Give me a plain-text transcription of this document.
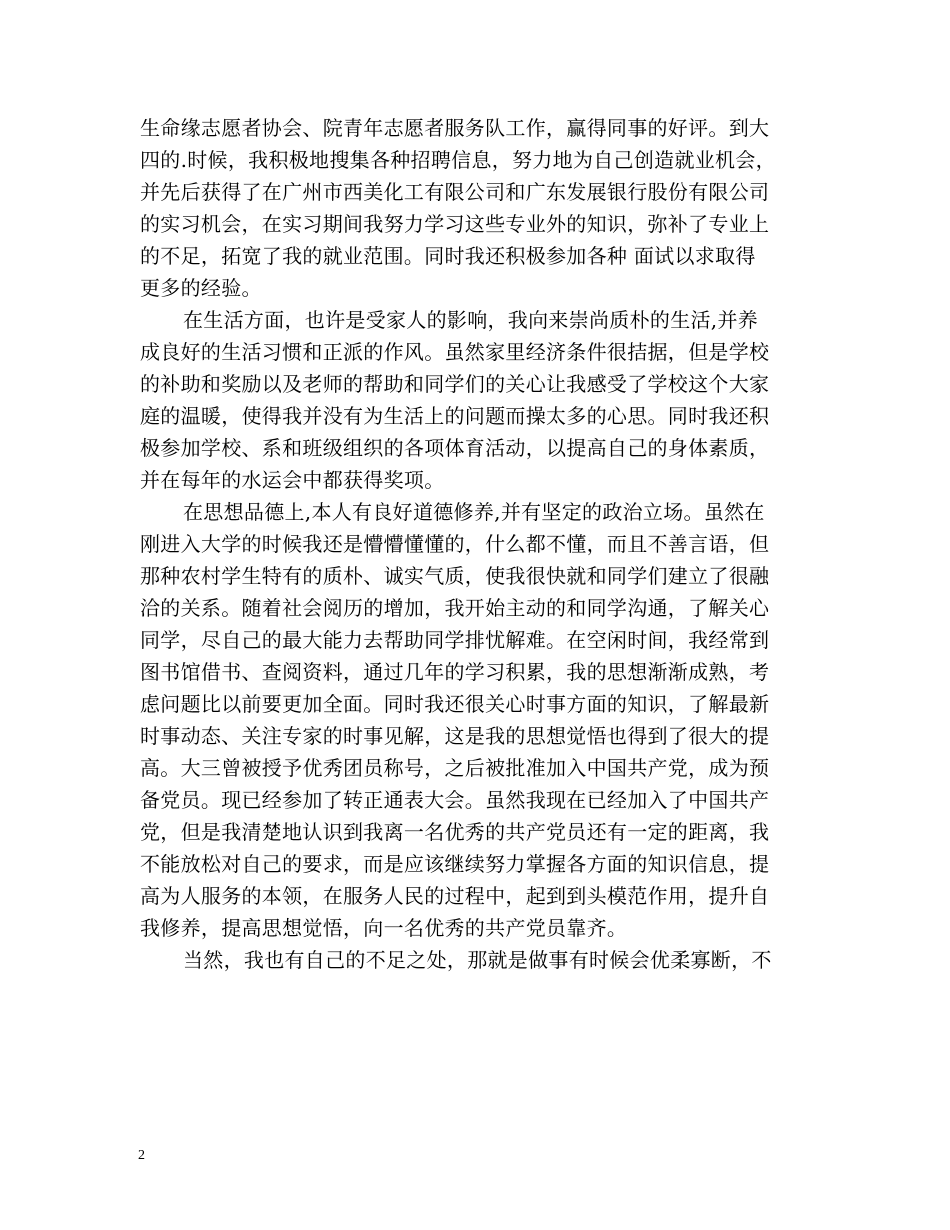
生命缘志愿者协会、院青年志愿者服务队工作，赢得同事的好评。到大
四的.时候，我积极地搜集各种招聘信息，努力地为自己创造就业机会，
并先后获得了在广州市西美化工有限公司和广东发展银行股份有限公司
的实习机会，在实习期间我努力学习这些专业外的知识，弥补了专业上
的不足，拓宽了我的就业范围。同时我还积极参加各种 面试以求取得
更多的经验。
在生活方面，也许是受家人的影响，我向来崇尚质朴的生活,并养
成良好的生活习惯和正派的作风。虽然家里经济条件很拮据，但是学校
的补助和奖励以及老师的帮助和同学们的关心让我感受了学校这个大家
庭的温暖，使得我并没有为生活上的问题而操太多的心思。同时我还积
极参加学校、系和班级组织的各项体育活动，以提高自己的身体素质，
并在每年的水运会中都获得奖项。
在思想品德上,本人有良好道德修养,并有坚定的政治立场。虽然在
刚进入大学的时候我还是懵懵懂懂的，什么都不懂，而且不善言语，但
那种农村学生特有的质朴、诚实气质，使我很快就和同学们建立了很融
洽的关系。随着社会阅历的增加，我开始主动的和同学沟通，了解关心
同学，尽自己的最大能力去帮助同学排忧解难。在空闲时间，我经常到
图书馆借书、查阅资料，通过几年的学习积累，我的思想渐渐成熟，考
虑问题比以前要更加全面。同时我还很关心时事方面的知识，了解最新
时事动态、关注专家的时事见解，这是我的思想觉悟也得到了很大的提
高。大三曾被授予优秀团员称号，之后被批准加入中国共产党，成为预
备党员。现已经参加了转正通表大会。虽然我现在已经加入了中国共产
党，但是我清楚地认识到我离一名优秀的共产党员还有一定的距离，我
不能放松对自己的要求，而是应该继续努力掌握各方面的知识信息，提
高为人服务的本领，在服务人民的过程中，起到到头模范作用，提升自
我修养，提高思想觉悟，向一名优秀的共产党员靠齐。
当然，我也有自己的不足之处，那就是做事有时候会优柔寡断，不
2
